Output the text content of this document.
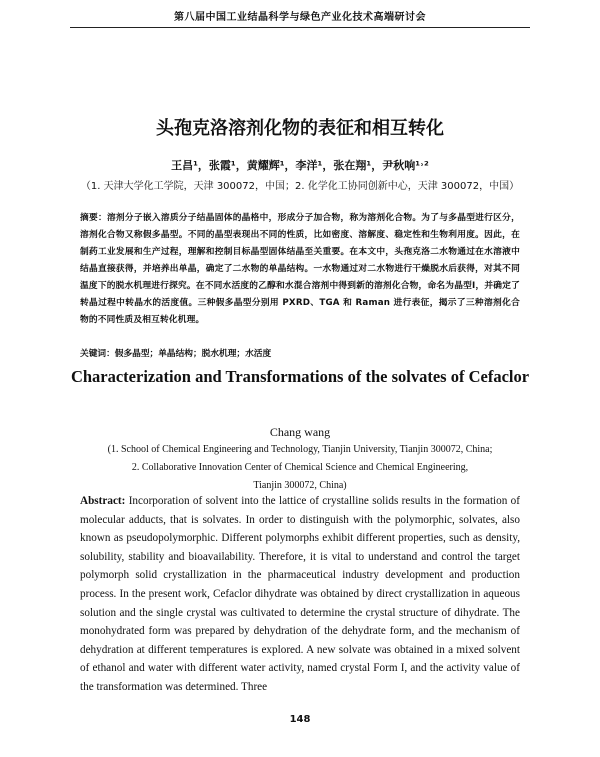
第八届中国工业结晶科学与绿色产业化技术高端研讨会
头孢克洛溶剂化物的表征和相互转化
王昌¹，张霞¹，黄耀辉¹，李洋¹，张在翔¹，尹秋响¹˒²
（1. 天津大学化工学院，天津 300072，中国；2. 化学化工协同创新中心，天津 300072，中国）
摘要：溶剂分子嵌入溶质分子结晶固体的晶格中，形成分子加合物，称为溶剂化合物。为了与多晶型进行区分，溶剂化合物又称假多晶型。不同的晶型表现出不同的性质，比如密度、溶解度、稳定性和生物利用度。因此，在制药工业发展和生产过程，理解和控制目标晶型固体结晶至关重要。在本文中，头孢克洛二水物通过在水溶液中结晶直接获得，并培养出单晶，确定了二水物的单晶结构。一水物通过对二水物进行干燥脱水后获得，对其不同温度下的脱水机理进行探究。在不同水活度的乙醇和水混合溶剂中得到新的溶剂化合物，命名为晶型Ⅰ，并确定了转晶过程中转晶水的活度值。三种假多晶型分别用 PXRD、TGA 和 Raman 进行表征，揭示了三种溶剂化合物的不同性质及相互转化机理。
关键词：假多晶型；单晶结构；脱水机理；水活度
Characterization and Transformations of the solvates of Cefaclor
Chang wang
(1. School of Chemical Engineering and Technology, Tianjin University, Tianjin 300072, China;
2. Collaborative Innovation Center of Chemical Science and Chemical Engineering,
Tianjin 300072, China)
Abstract: Incorporation of solvent into the lattice of crystalline solids results in the formation of molecular adducts, that is solvates. In order to distinguish with the polymorphic, solvates, also known as pseudopolymorphic. Different polymorphs exhibit different properties, such as density, solubility, stability and bioavailability. Therefore, it is vital to understand and control the target polymorph solid crystallization in the pharmaceutical industry development and production process. In the present work, Cefaclor dihydrate was obtained by direct crystallization in aqueous solution and the single crystal was cultivated to determine the crystal structure of dihydrate. The monohydrated form was prepared by dehydration of the dehydrate form, and the mechanism of dehydration at different temperatures is explored. A new solvate was obtained in a mixed solvent of ethanol and water with different water activity, named crystal Form I, and the activity value of the transformation was determined. Three
148
